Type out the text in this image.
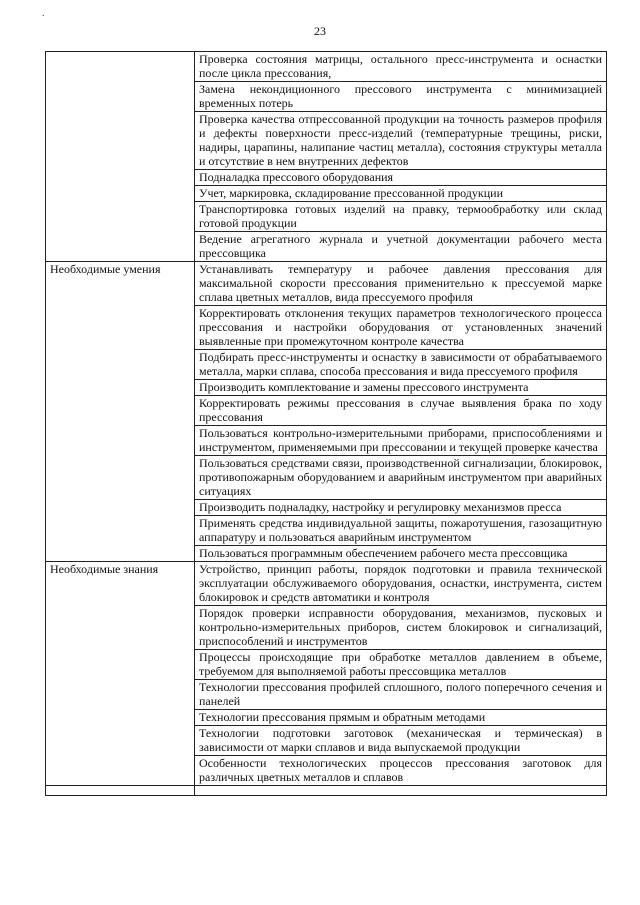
23
.
	Проверка состояния матрицы, остального пресс-инструмента и оснастки после цикла прессования,
	Замена некондиционного прессового инструмента с минимизацией временных потерь
	Проверка качества отпрессованной продукции на точность размеров профиля и дефекты поверхности пресс-изделий (температурные трещины, риски, надиры, царапины, налипание частиц металла), состояния структуры металла и отсутствие в нем внутренних дефектов
	Подналадка прессового оборудования
	Учет, маркировка, складирование прессованной продукции
	Транспортировка готовых изделий на правку, термообработку или склад готовой продукции
	Ведение агрегатного журнала и учетной документации рабочего места прессовщика
Необходимые умения	Устанавливать температуру и рабочее давления прессования для максимальной скорости прессования применительно к прессуемой марке сплава цветных металлов, вида прессуемого профиля
	Корректировать отклонения текущих параметров технологического процесса прессования и настройки оборудования от установленных значений выявленные при промежуточном контроле качества
	Подбирать пресс-инструменты и оснастку в зависимости от обрабатываемого металла, марки сплава, способа прессования и вида прессуемого профиля
	Производить комплектование и замены прессового инструмента
	Корректировать режимы прессования в случае выявления брака по ходу прессования
	Пользоваться контрольно-измерительными приборами, приспособлениями и инструментом, применяемыми при прессовании и текущей проверке качества
	Пользоваться средствами связи, производственной сигнализации, блокировок, противопожарным оборудованием и аварийным инструментом при аварийных ситуациях
	Производить подналадку, настройку и регулировку механизмов пресса
	Применять средства индивидуальной защиты, пожаротушения, газозащитную аппаратуру и пользоваться аварийным инструментом
	Пользоваться программным обеспечением рабочего места прессовщика
Необходимые знания	Устройство, принцип работы, порядок подготовки и правила технической эксплуатации обслуживаемого оборудования, оснастки, инструмента, систем блокировок и средств автоматики и контроля
	Порядок проверки исправности оборудования, механизмов, пусковых и контрольно-измерительных приборов, систем блокировок и сигнализаций, приспособлений и инструментов
	Процессы происходящие при обработке металлов давлением в объеме, требуемом для выполняемой работы прессовщика металлов
	Технологии прессования профилей сплошного, полого поперечного сечения и панелей
	Технологии прессования прямым и обратным методами
	Технологии подготовки заготовок (механическая и термическая) в зависимости от марки сплавов и вида выпускаемой продукции
	Особенности технологических процессов прессования заготовок для различных цветных металлов и сплавов
